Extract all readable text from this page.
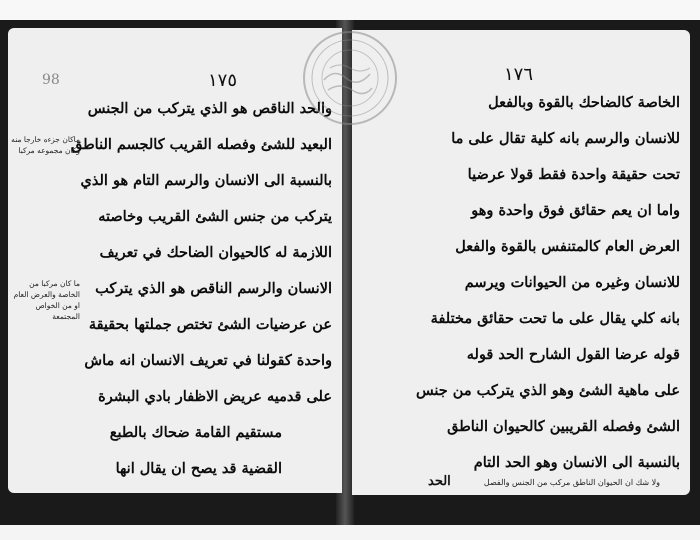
98	١٧٥
والحد الناقص هو الذي يتركب من الجنس
البعيد للشئ وفصله القريب كالجسم الناطق
بالنسبة الى الانسان والرسم التام هو الذي
يتركب من جنس الشئ القريب وخاصته
اللازمة له كالحيوان الضاحك في تعريف
الانسان والرسم الناقص هو الذي يتركب
عن عرضيات الشئ تختص جملتها بحقيقة
واحدة كقولنا في تعريف الانسان انه ماش
على قدميه عريض الاظفار بادي البشرة
مستقيم القامة ضحاك بالطبع
القضية قد يصح ان يقال انها
ماكان جزءه خارجا منه وكان مجموعه مركبا
ما كان مركبا من الخاصة والعرض العام او من الخواص المجتمعة
١٧٦
الخاصة كالضاحك بالقوة وبالفعل
للانسان والرسم بانه كلية تقال على ما
تحت حقيقة واحدة فقط قولا عرضيا
واما ان يعم حقائق فوق واحدة وهو
العرض العام كالمتنفس بالقوة والفعل
للانسان وغيره من الحيوانات ويرسم
بانه كلي يقال على ما تحت حقائق مختلفة
قوله عرضا القول الشارح الحد قوله
على ماهية الشئ وهو الذي يتركب من جنس
الشئ وفصله القريبين كالحيوان الناطق
بالنسبة الى الانسان وهو الحد التام
ولا شك ان الحيوان الناطق مركب من الجنس والفصل
الحد
